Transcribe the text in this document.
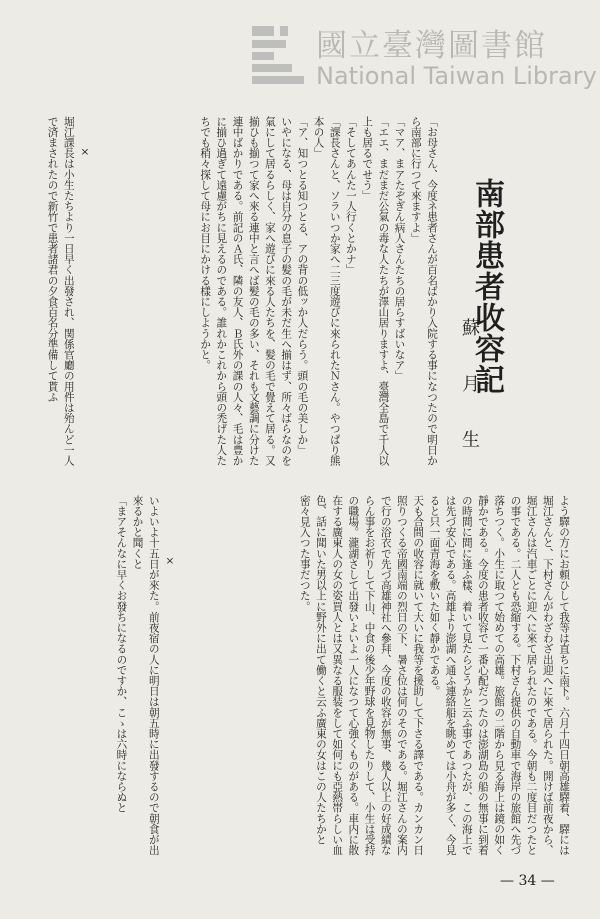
國立臺灣圖書館
National Taiwan Library
南部患者收容記
蘇　月　生

「お母さん、今度ネ患者さんが百名ばかり入院する事になつたので明日から南部に行つて來ますよ」

「マア、まアたぞぎん病人さんたちの居らすばいなア」

「エエ、まだまだ公氣の毒な人たちが澤山居りますよ、臺灣全島で千人以上も居るでせう」

「そしてあんた一人行くとかナ」

「課長さんと、ソラいつか家へ二三度遊びに來られたＮさん。やつぱり熊本の人」

「ア、知つとる知つとる、アの背の低ッか人だらう。頭の毛の美しか」

いやになる、母は自分の息子の髪の毛が未だ生へ揃はず、所々ばらなのを氣にして居るらしく、家へ遊びに來る人たちを、髪の毛で覺えて居る。又揃ひも揃つて家へ來る連中と言へば髪の毛の多い、それも文藝調に分けた連中ばかりである。前記のＡ氏、隣の友人、Ｂ氏外の課の人々、毛は豊かに揃ひ過ぎて遠慮がちに見えるのである。誰れかこれから頭の禿げた人たちでも稍々探して母にお目にかける樣にしようかと。

×

堀江課長は小生たちより一日早く出發され、関係官廳の用件は殆んど一人で済まされたので新竹で患者諸君の夕食百名分準備して貰ふ

よう驛の方にお頼ひして我等は直ちに南下。六月十四日朝高雄驛着、驛には堀江さんと、下村さんがわざわざ出迎へに來て居られた。開けば前夜から、堀江さんは汽車ごとに迎へに來て居られたのである。今朝も二度目だつたとの事である。二人とも恐縮する。下村さん提供の自動車で海岸の旅館へ先づ落ちつく。小生に取つて始めての高雄。旅館の二階から見る海上は鏡の如く靜かである。今度の患者收容で一番心配だつたのは澎湖島の船の無事に到着の時間に間に逢ふ樣、着いて見たらどうかと云ふ事であつたが、この海上では先づ安心である。高雄より澎湖へ通ふ連絡船を眺めては小舟が多く、今見ると只一面青海を敷いた如く靜かである。

天も合間の收容に就いて大いに我等を援助して下さる譯である。カンカン日照りつくる帝國南端の烈日の下、暑さ位は何のそのである。堀江さんの案内で行の浴衣で先づ高雄神社へ參拜、今度の收容が無事、幾人以上の好成績ならん事をお祈りして下山、中食の後少年野球を見物したりして、小生は受持の職場。瀧湖さして出發いよいよ一人になつて心強くものがある。車内に散在する廣東人の女の姿買人とは又異なる服装をして如何にも亞熱帯らしい血色、話に聞いた男以上に野外に出て働くと云ふ廣東の女はこの人たちかと密々見入つた事だつた。

×

いよいよ十五日が來た。前夜宿の人に明日は朝五時に出發するので朝食が出來るかと聞くと

「まアそんなに早くお發ちになるのですか、こゝは六時にならぬと

— 34 —
